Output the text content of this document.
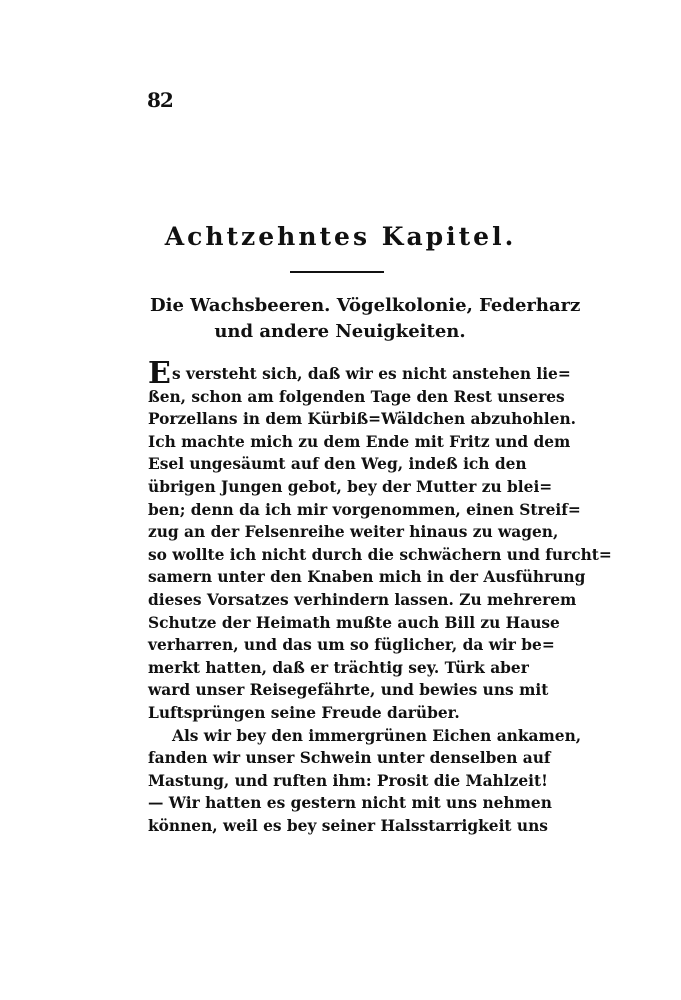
82
Achtzehntes Kapitel.
Die Wachsbeeren. Vögelkolonie, Federharz
und andere Neuigkeiten.
E s versteht sich, daß wir es nicht anstehen lie=
ßen, schon am folgenden Tage den Rest unseres
Porzellans in dem Kürbiß=Wäldchen abzuhohlen.
Ich machte mich zu dem Ende mit Fritz und dem
Esel ungesäumt auf den Weg, indeß ich den
übrigen Jungen gebot, bey der Mutter zu blei=
ben; denn da ich mir vorgenommen, einen Streif=
zug an der Felsenreihe weiter hinaus zu wagen,
so wollte ich nicht durch die schwächern und furcht=
samern unter den Knaben mich in der Ausführung
dieses Vorsatzes verhindern lassen. Zu mehrerem
Schutze der Heimath mußte auch Bill zu Hause
verharren, und das um so füglicher, da wir be=
merkt hatten, daß er trächtig sey. Türk aber
ward unser Reisegefährte, und bewies uns mit
Luftsprüngen seine Freude darüber.
Als wir bey den immergrünen Eichen ankamen,
fanden wir unser Schwein unter denselben auf
Mastung, und ruften ihm: Prosit die Mahlzeit!
— Wir hatten es gestern nicht mit uns nehmen
können, weil es bey seiner Halsstarrigkeit uns
